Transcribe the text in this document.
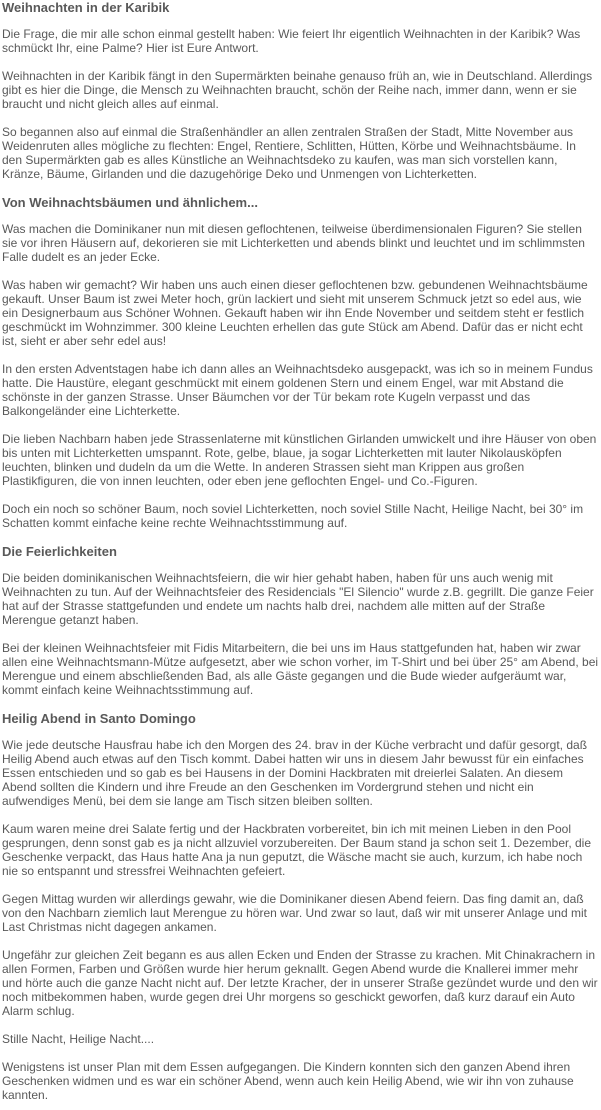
Weihnachten in der Karibik

Die Frage, die mir alle schon einmal gestellt haben: Wie feiert Ihr eigentlich Weihnachten in der Karibik? Was schmückt Ihr, eine Palme? Hier ist Eure Antwort.

Weihnachten in der Karibik fängt in den Supermärkten beinahe genauso früh an, wie in Deutschland. Allerdings gibt es hier die Dinge, die Mensch zu Weihnachten braucht, schön der Reihe nach, immer dann, wenn er sie braucht und nicht gleich alles auf einmal.

So begannen also auf einmal die Straßenhändler an allen zentralen Straßen der Stadt, Mitte November aus Weidenruten alles mögliche zu flechten: Engel, Rentiere, Schlitten, Hütten, Körbe und Weihnachtsbäume. In den Supermärkten gab es alles Künstliche an Weihnachtsdeko zu kaufen, was man sich vorstellen kann, Kränze, Bäume, Girlanden und die dazugehörige Deko und Unmengen von Lichterketten.

Von Weihnachtsbäumen und ähnlichem...

Was machen die Dominikaner nun mit diesen geflochtenen, teilweise überdimensionalen Figuren? Sie stellen sie vor ihren Häusern auf, dekorieren sie mit Lichterketten und abends blinkt und leuchtet und im schlimmsten Falle dudelt es an jeder Ecke.

Was haben wir gemacht? Wir haben uns auch einen dieser geflochtenen bzw. gebundenen Weihnachtsbäume gekauft. Unser Baum ist zwei Meter hoch, grün lackiert und sieht mit unserem Schmuck jetzt so edel aus, wie ein Designerbaum aus Schöner Wohnen. Gekauft haben wir ihn Ende November und seitdem steht er festlich geschmückt im Wohnzimmer. 300 kleine Leuchten erhellen das gute Stück am Abend. Dafür das er nicht echt ist, sieht er aber sehr edel aus!

In den ersten Adventstagen habe ich dann alles an Weihnachtsdeko ausgepackt, was ich so in meinem Fundus hatte. Die Haustüre, elegant geschmückt mit einem goldenen Stern und einem Engel, war mit Abstand die schönste in der ganzen Strasse. Unser Bäumchen vor der Tür bekam rote Kugeln verpasst und das Balkongeländer eine Lichterkette.

Die lieben Nachbarn haben jede Strassenlaterne mit künstlichen Girlanden umwickelt und ihre Häuser von oben bis unten mit Lichterketten umspannt. Rote, gelbe, blaue, ja sogar Lichterketten mit lauter Nikolausköpfen leuchten, blinken und dudeln da um die Wette. In anderen Strassen sieht man Krippen aus großen Plastikfiguren, die von innen leuchten, oder eben jene geflochten Engel- und Co.-Figuren.

Doch ein noch so schöner Baum, noch soviel Lichterketten, noch soviel Stille Nacht, Heilige Nacht, bei 30° im Schatten kommt einfache keine rechte Weihnachtsstimmung auf.

Die Feierlichkeiten

Die beiden dominikanischen Weihnachtsfeiern, die wir hier gehabt haben, haben für uns auch wenig mit Weihnachten zu tun. Auf der Weihnachtsfeier des Residencials "El Silencio" wurde z.B. gegrillt. Die ganze Feier hat auf der Strasse stattgefunden und endete um nachts halb drei, nachdem alle mitten auf der Straße Merengue getanzt haben.

Bei der kleinen Weihnachtsfeier mit Fidis Mitarbeitern, die bei uns im Haus stattgefunden hat, haben wir zwar allen eine Weihnachtsmann-Mütze aufgesetzt, aber wie schon vorher, im T-Shirt und bei über 25° am Abend, bei Merengue und einem abschließenden Bad, als alle Gäste gegangen und die Bude wieder aufgeräumt war, kommt einfach keine Weihnachtsstimmung auf.

Heilig Abend in Santo Domingo

Wie jede deutsche Hausfrau habe ich den Morgen des 24. brav in der Küche verbracht und dafür gesorgt, daß Heilig Abend auch etwas auf den Tisch kommt. Dabei hatten wir uns in diesem Jahr bewusst für ein einfaches Essen entschieden und so gab es bei Hausens in der Domini Hackbraten mit dreierlei Salaten. An diesem Abend sollten die Kindern und ihre Freude an den Geschenken im Vordergrund stehen und nicht ein aufwendiges Menü, bei dem sie lange am Tisch sitzen bleiben sollten.

Kaum waren meine drei Salate fertig und der Hackbraten vorbereitet, bin ich mit meinen Lieben in den Pool gesprungen, denn sonst gab es ja nicht allzuviel vorzubereiten. Der Baum stand ja schon seit 1. Dezember, die Geschenke verpackt, das Haus hatte Ana ja nun geputzt, die Wäsche macht sie auch, kurzum, ich habe noch nie so entspannt und stressfrei Weihnachten gefeiert.

Gegen Mittag wurden wir allerdings gewahr, wie die Dominikaner diesen Abend feiern. Das fing damit an, daß von den Nachbarn ziemlich laut Merengue zu hören war. Und zwar so laut, daß wir mit unserer Anlage und mit Last Christmas nicht dagegen ankamen.

Ungefähr zur gleichen Zeit begann es aus allen Ecken und Enden der Strasse zu krachen. Mit Chinakrachern in allen Formen, Farben und Größen wurde hier herum geknallt. Gegen Abend wurde die Knallerei immer mehr und hörte auch die ganze Nacht nicht auf. Der letzte Kracher, der in unserer Straße gezündet wurde und den wir noch mitbekommen haben, wurde gegen drei Uhr morgens so geschickt geworfen, daß kurz darauf ein Auto Alarm schlug.

Stille Nacht, Heilige Nacht....

Wenigstens ist unser Plan mit dem Essen aufgegangen. Die Kindern konnten sich den ganzen Abend ihren Geschenken widmen und es war ein schöner Abend, wenn auch kein Heilig Abend, wie wir ihn von zuhause kannten.
